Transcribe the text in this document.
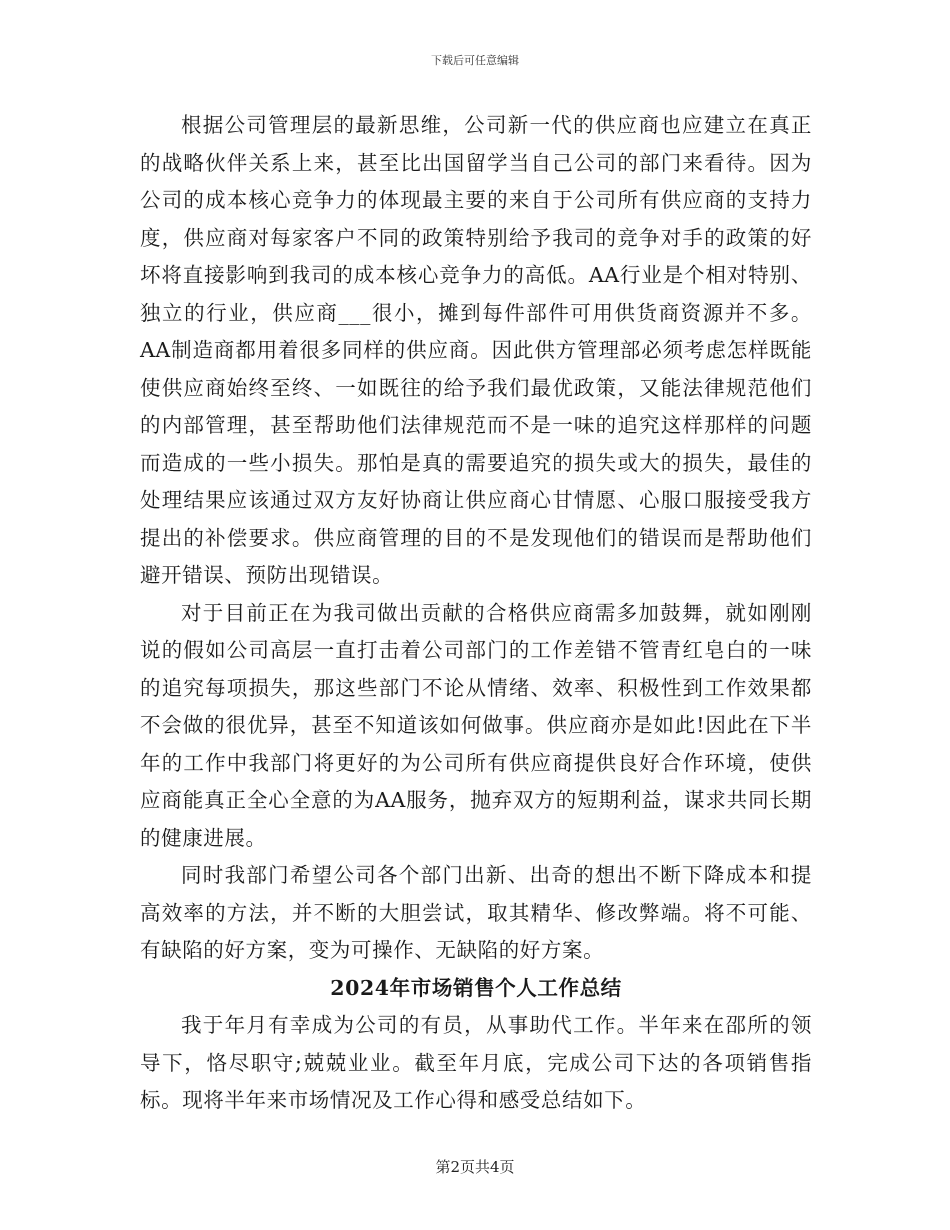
下载后可任意编辑

根据公司管理层的最新思维，公司新一代的供应商也应建立在真正的战略伙伴关系上来，甚至比出国留学当自己公司的部门来看待。因为公司的成本核心竞争力的体现最主要的来自于公司所有供应商的支持力度，供应商对每家客户不同的政策特别给予我司的竞争对手的政策的好坏将直接影响到我司的成本核心竞争力的高低。AA行业是个相对特别、独立的行业，供应商___很小，摊到每件部件可用供货商资源并不多。AA制造商都用着很多同样的供应商。因此供方管理部必须考虑怎样既能使供应商始终至终、一如既往的给予我们最优政策，又能法律规范他们的内部管理，甚至帮助他们法律规范而不是一味的追究这样那样的问题而造成的一些小损失。那怕是真的需要追究的损失或大的损失，最佳的处理结果应该通过双方友好协商让供应商心甘情愿、心服口服接受我方提出的补偿要求。供应商管理的目的不是发现他们的错误而是帮助他们避开错误、预防出现错误。

对于目前正在为我司做出贡献的合格供应商需多加鼓舞，就如刚刚说的假如公司高层一直打击着公司部门的工作差错不管青红皂白的一味的追究每项损失，那这些部门不论从情绪、效率、积极性到工作效果都不会做的很优异，甚至不知道该如何做事。供应商亦是如此!因此在下半年的工作中我部门将更好的为公司所有供应商提供良好合作环境，使供应商能真正全心全意的为AA服务，抛弃双方的短期利益，谋求共同长期的健康进展。

同时我部门希望公司各个部门出新、出奇的想出不断下降成本和提高效率的方法，并不断的大胆尝试，取其精华、修改弊端。将不可能、有缺陷的好方案，变为可操作、无缺陷的好方案。

2024年市场销售个人工作总结

我于年月有幸成为公司的有员，从事助代工作。半年来在邵所的领导下，恪尽职守;兢兢业业。截至年月底，完成公司下达的各项销售指标。现将半年来市场情况及工作心得和感受总结如下。

第2页共4页
